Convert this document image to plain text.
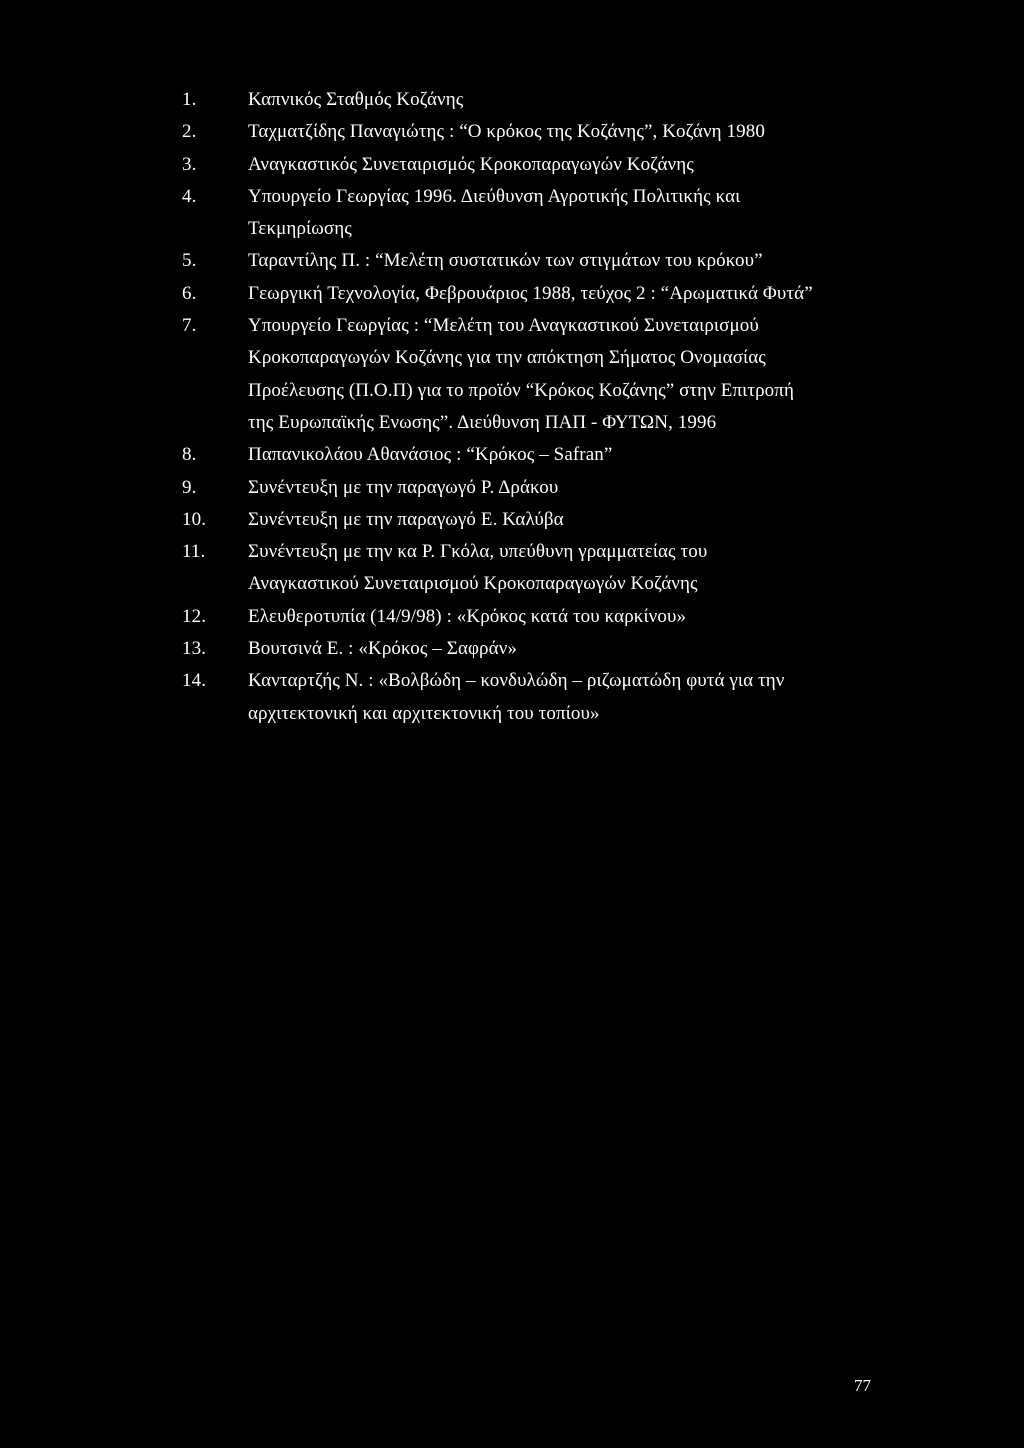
1.	Καπνικός Σταθμός Κοζάνης
2.	Ταχματζίδης Παναγιώτης : “Ο κρόκος της Κοζάνης”, Κοζάνη 1980
3.	Αναγκαστικός Συνεταιρισμός Κροκοπαραγωγών Κοζάνης
4.	Υπουργείο Γεωργίας 1996. Διεύθυνση Αγροτικής Πολιτικής και
Τεκμηρίωσης
5.	Ταραντίλης Π. : “Μελέτη συστατικών των στιγμάτων του κρόκου”
6.	Γεωργική Τεχνολογία, Φεβρουάριος 1988, τεύχος 2 : “Αρωματικά Φυτά”
7.	Υπουργείο Γεωργίας : “Μελέτη του Αναγκαστικού Συνεταιρισμού
Κροκοπαραγωγών Κοζάνης για την απόκτηση Σήματος Ονομασίας
Προέλευσης (Π.Ο.Π) για το προϊόν “Κρόκος Κοζάνης” στην Επιτροπή
της Ευρωπαϊκής Ενωσης”. Διεύθυνση ΠΑΠ - ΦΥΤΩΝ, 1996
8.	Παπανικολάου Αθανάσιος : “Κρόκος – Safran”
9.	Συνέντευξη με την παραγωγό Ρ. Δράκου
10.	Συνέντευξη με την παραγωγό Ε. Καλύβα
11.	Συνέντευξη με την κα Ρ. Γκόλα, υπεύθυνη γραμματείας του
Αναγκαστικού Συνεταιρισμού Κροκοπαραγωγών Κοζάνης
12.	Ελευθεροτυπία (14/9/98) : «Κρόκος κατά του καρκίνου»
13.	Βουτσινά Ε. : «Κρόκος – Σαφράν»
14.	Κανταρτζής Ν. : «Βολβώδη – κονδυλώδη – ριζωματώδη φυτά για την
αρχιτεκτονική και αρχιτεκτονική του τοπίου»
77
